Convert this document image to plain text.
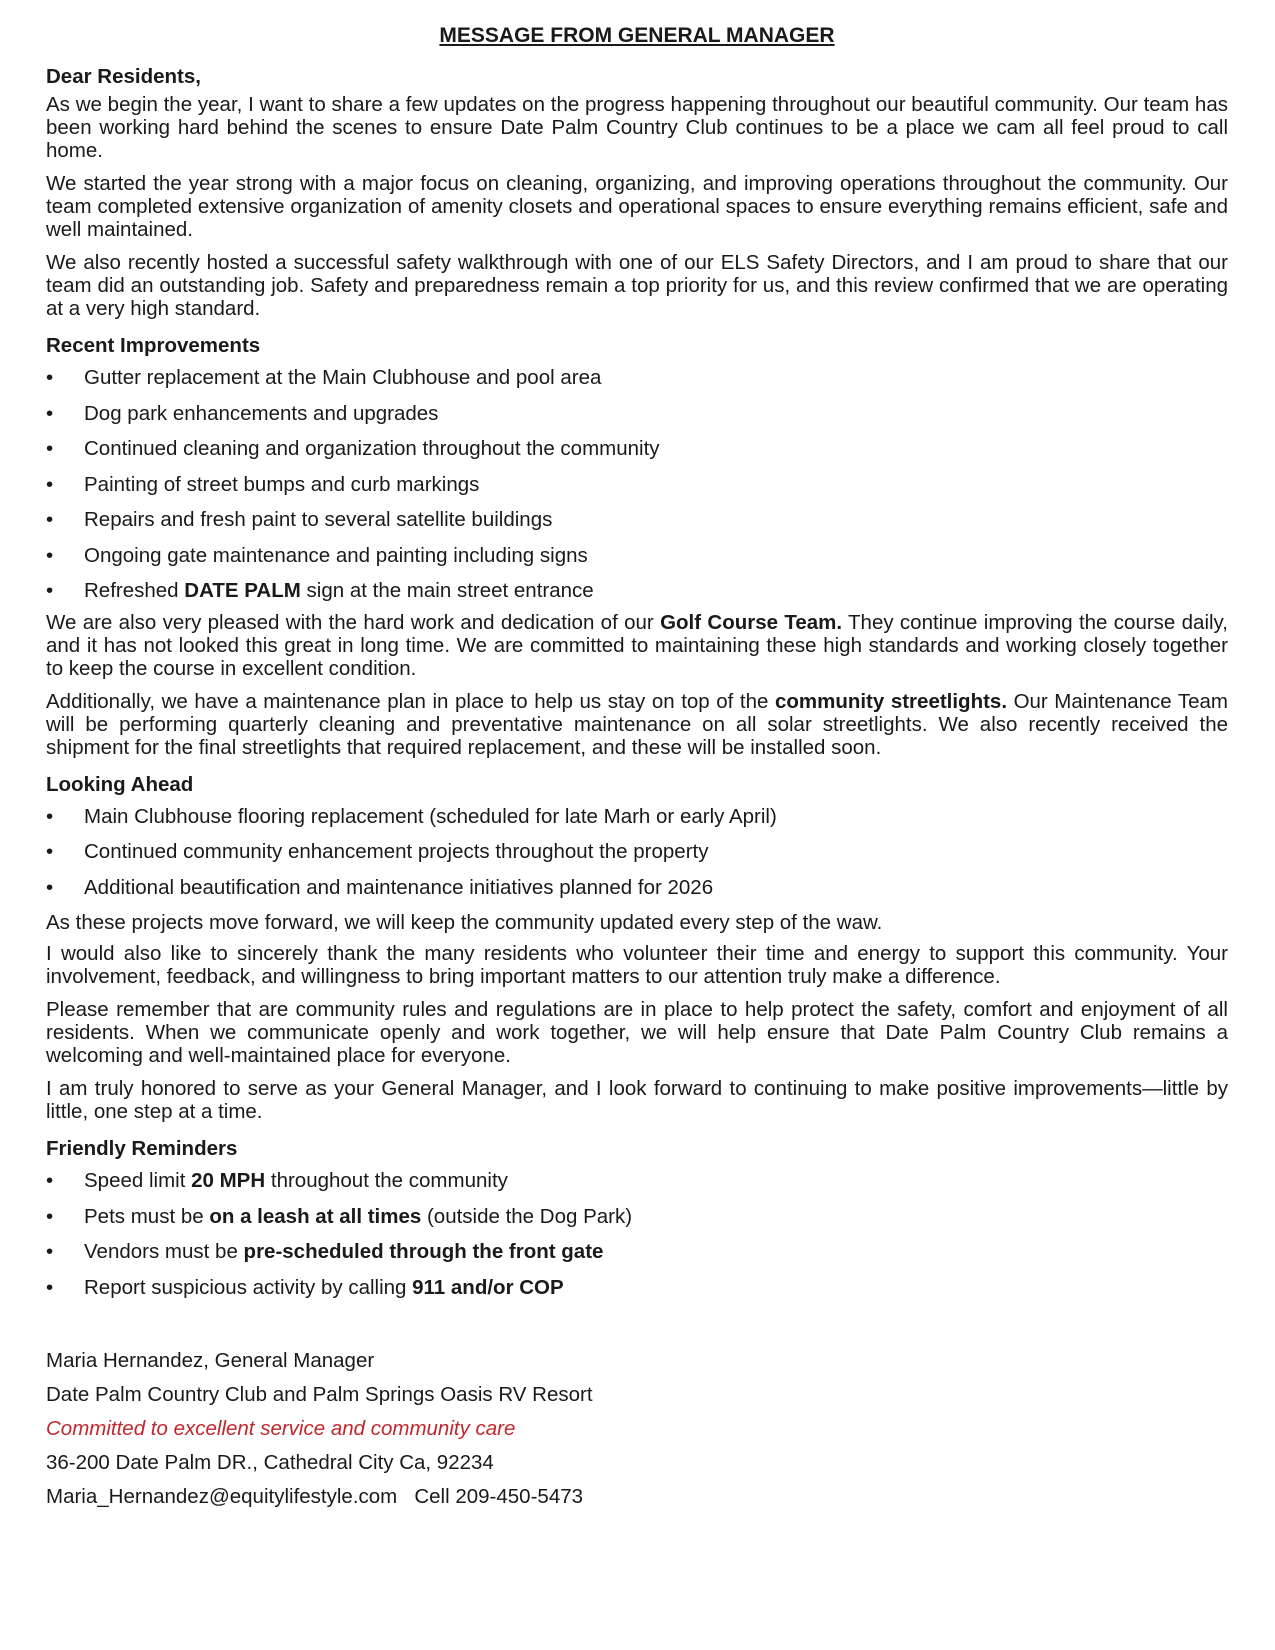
MESSAGE FROM GENERAL MANAGER
Dear Residents,

As we begin the year, I want to share a few updates on the progress happening throughout our beautiful community. Our team has been working hard behind the scenes to ensure Date Palm Country Club continues to be a place we cam all feel proud to call home.

We started the year strong with a major focus on cleaning, organizing, and improving operations throughout the community. Our team completed extensive organization of amenity closets and operational spaces to ensure everything remains efficient, safe and well maintained.

We also recently hosted a successful safety walkthrough with one of our ELS Safety Directors, and I am proud to share that our team did an outstanding job. Safety and preparedness remain a top priority for us, and this review confirmed that we are operating at a very high standard.

Recent Improvements
• Gutter replacement at the Main Clubhouse and pool area
• Dog park enhancements and upgrades
• Continued cleaning and organization throughout the community
• Painting of street bumps and curb markings
• Repairs and fresh paint to several satellite buildings
• Ongoing gate maintenance and painting including signs
• Refreshed DATE PALM sign at the main street entrance

We are also very pleased with the hard work and dedication of our Golf Course Team. They continue improving the course daily, and it has not looked this great in long time. We are committed to maintaining these high standards and working closely together to keep the course in excellent condition.

Additionally, we have a maintenance plan in place to help us stay on top of the community streetlights. Our Maintenance Team will be performing quarterly cleaning and preventative maintenance on all solar streetlights. We also recently received the shipment for the final streetlights that required replacement, and these will be installed soon.

Looking Ahead
• Main Clubhouse flooring replacement (scheduled for late Marh or early April)
• Continued community enhancement projects throughout the property
• Additional beautification and maintenance initiatives planned for 2026

As these projects move forward, we will keep the community updated every step of the waw.

I would also like to sincerely thank the many residents who volunteer their time and energy to support this community. Your involvement, feedback, and willingness to bring important matters to our attention truly make a difference.

Please remember that are community rules and regulations are in place to help protect the safety, comfort and enjoyment of all residents. When we communicate openly and work together, we will help ensure that Date Palm Country Club remains a welcoming and well-maintained place for everyone.

I am truly honored to serve as your General Manager, and I look forward to continuing to make positive improvements—little by little, one step at a time.

Friendly Reminders
• Speed limit 20 MPH throughout the community
• Pets must be on a leash at all times (outside the Dog Park)
• Vendors must be pre-scheduled through the front gate
• Report suspicious activity by calling 911 and/or COP

Maria Hernandez, General Manager

Date Palm Country Club and Palm Springs Oasis RV Resort

Committed to excellent service and community care

36-200 Date Palm DR., Cathedral City Ca, 92234

Maria_Hernandez@equitylifestyle.com Cell 209-450-5473
